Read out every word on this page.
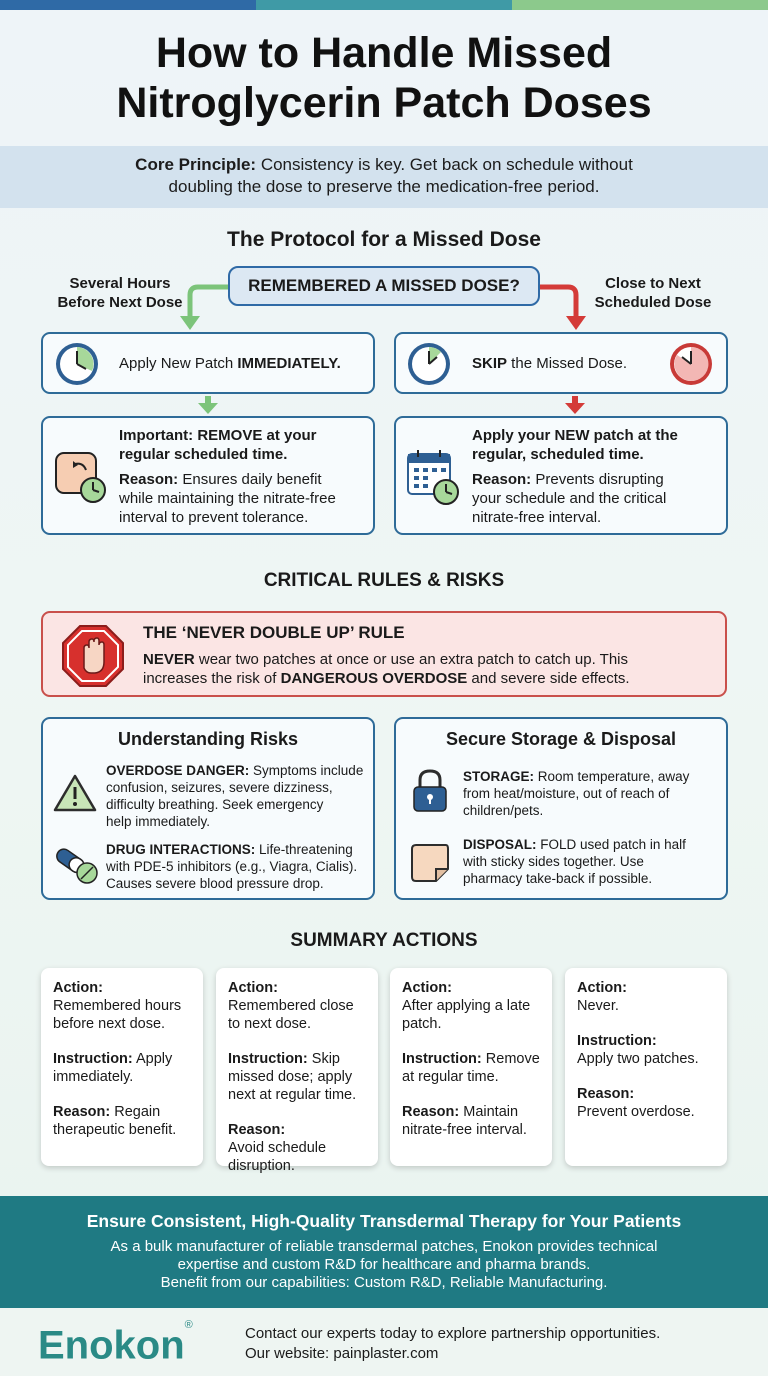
How to Handle Missed
Nitroglycerin Patch Doses
Core Principle: Consistency is key. Get back on schedule without
doubling the dose to preserve the medication-free period.
The Protocol for a Missed Dose
REMEMBERED A MISSED DOSE?
Several Hours
Before Next Dose
Close to Next
Scheduled Dose
Apply New Patch IMMEDIATELY.	SKIP the Missed Dose.
Important: REMOVE at your
regular scheduled time.
Reason: Ensures daily benefit
while maintaining the nitrate-free
interval to prevent tolerance.
Apply your NEW patch at the
regular, scheduled time.
Reason: Prevents disrupting
your schedule and the critical
nitrate-free interval.
CRITICAL RULES & RISKS
THE ‘NEVER DOUBLE UP’ RULE
NEVER wear two patches at once or use an extra patch to catch up. This
increases the risk of DANGEROUS OVERDOSE and severe side effects.
Understanding Risks
OVERDOSE DANGER: Symptoms include
confusion, seizures, severe dizziness,
difficulty breathing. Seek emergency
help immediately.
DRUG INTERACTIONS: Life-threatening
with PDE-5 inhibitors (e.g., Viagra, Cialis).
Causes severe blood pressure drop.
Secure Storage & Disposal
STORAGE: Room temperature, away
from heat/moisture, out of reach of
children/pets.
DISPOSAL: FOLD used patch in half
with sticky sides together. Use
pharmacy take-back if possible.
SUMMARY ACTIONS

Action:
Remembered hours before next dose.

Instruction: Apply immediately.

Reason: Regain therapeutic benefit.

Action:
Remembered close to next dose.

Instruction: Skip missed dose; apply next at regular time.

Reason:
Avoid schedule disruption.

Action:
After applying a late patch.

Instruction: Remove at regular time.

Reason: Maintain nitrate-free interval.

Action:
Never.

Instruction:
Apply two patches.

Reason:
Prevent overdose.

Ensure Consistent, High-Quality Transdermal Therapy for Your Patients
As a bulk manufacturer of reliable transdermal patches, Enokon provides technical
expertise and custom R&D for healthcare and pharma brands.
Benefit from our capabilities: Custom R&D, Reliable Manufacturing.
Enokon®	Contact our experts today to explore partnership opportunities.
Our website: painplaster.com
